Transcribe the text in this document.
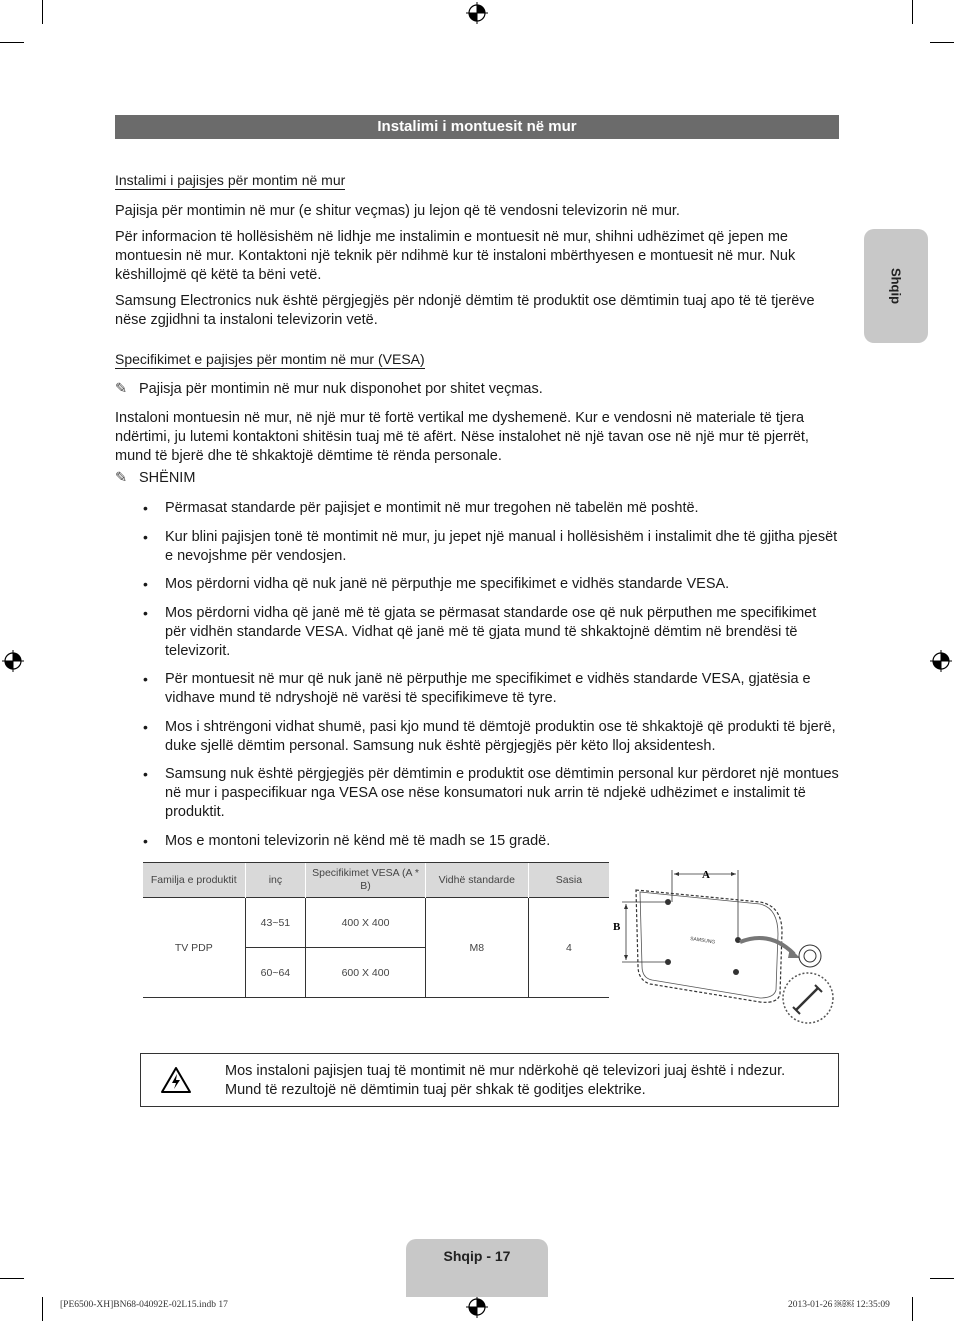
Shqip
Instalimi i montuesit në mur
Instalimi i pajisjes për montim në mur
Pajisja për montimin në mur (e shitur veçmas) ju lejon që të vendosni televizorin në mur.
Për informacion të hollësishëm në lidhje me instalimin e montuesit në mur, shihni udhëzimet që jepen me montuesin në mur. Kontaktoni një teknik për ndihmë kur të instaloni mbërthyesen e montuesit në mur. Nuk këshillojmë që këtë ta bëni vetë.
Samsung Electronics nuk është përgjegjës për ndonjë dëmtim të produktit ose dëmtimin tuaj apo të të tjerëve nëse zgjidhni ta instaloni televizorin vetë.
Specifikimet e pajisjes për montim në mur (VESA)
✎ Pajisja për montimin në mur nuk disponohet por shitet veçmas.
Instaloni montuesin në mur, në një mur të fortë vertikal me dyshemenë. Kur e vendosni në materiale të tjera ndërtimi, ju lutemi kontaktoni shitësin tuaj më të afërt. Nëse instalohet në një tavan ose në një mur të pjerrët, mund të bjerë dhe të shkaktojë dëmtime të rënda personale.
✎ SHËNIM
• Përmasat standarde për pajisjet e montimit në mur tregohen në tabelën më poshtë.
• Kur blini pajisjen tonë të montimit në mur, ju jepet një manual i hollësishëm i instalimit dhe të gjitha pjesët e nevojshme për vendosjen.
• Mos përdorni vidha që nuk janë në përputhje me specifikimet e vidhës standarde VESA.
• Mos përdorni vidha që janë më të gjata se përmasat standarde ose që nuk përputhen me specifikimet për vidhën standarde VESA. Vidhat që janë më të gjata mund të shkaktojnë dëmtim në brendësi të televizorit.
• Për montuesit në mur që nuk janë në përputhje me specifikimet e vidhës standarde VESA, gjatësia e vidhave mund të ndryshojë në varësi të specifikimeve të tyre.
• Mos i shtrëngoni vidhat shumë, pasi kjo mund të dëmtojë produktin ose të shkaktojë që produkti të bjerë, duke sjellë dëmtim personal. Samsung nuk është përgjegjës për këto lloj aksidentesh.
• Samsung nuk është përgjegjës për dëmtimin e produktit ose dëmtimin personal kur përdoret një montues në mur i paspecifikuar nga VESA ose nëse konsumatori nuk arrin të ndjekë udhëzimet e instalimit të produktit.
• Mos e montoni televizorin në kënd më të madh se 15 gradë.
Familja e produktit	inç	Specifikimet VESA (A * B)	Vidhë standarde	Sasia
TV PDP	43~51	400 X 400	M8	4
	60~64	600 X 400		
SAMSUNG
A
B
Mos instaloni pajisjen tuaj të montimit në mur ndërkohë që televizori juaj është i ndezur. Mund të rezultojë në dëmtimin tuaj për shkak të goditjes elektrike.
Shqip - 17
[PE6500-XH]BN68-04092E-02L15.indb 17	2013-01-26 ￼￼ 12:35:09
